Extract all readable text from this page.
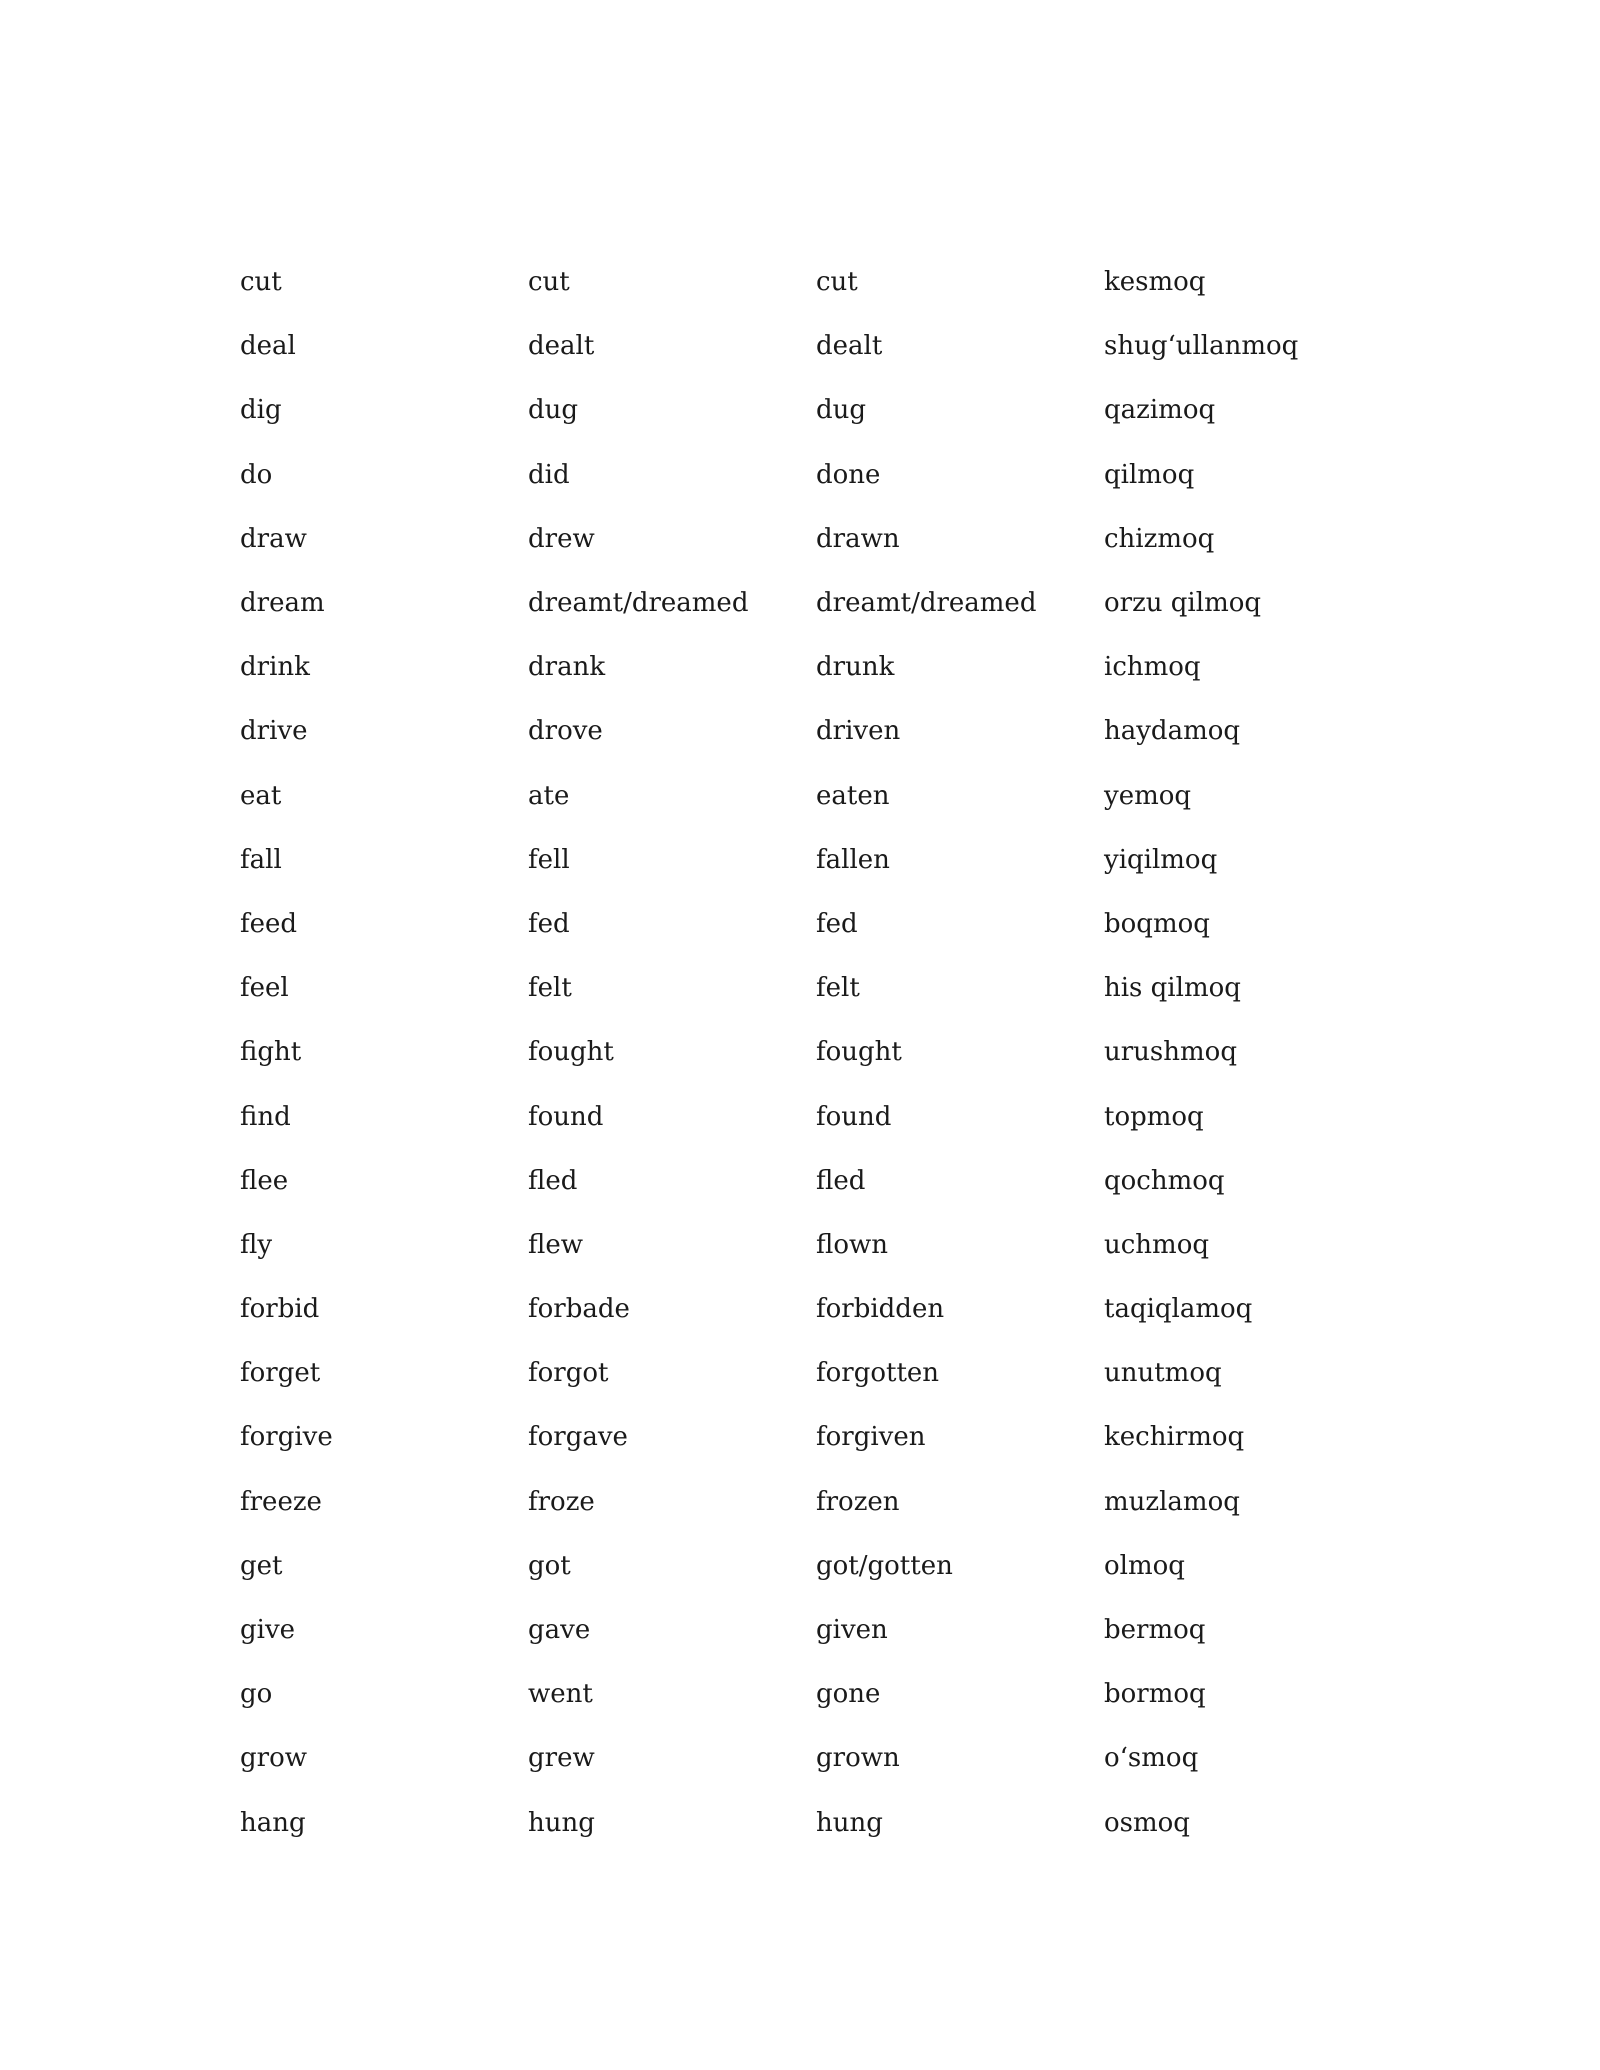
cut	cut	cut	kesmoq
deal	dealt	dealt	shug‘ullanmoq
dig	dug	dug	qazimoq
do	did	done	qilmoq
draw	drew	drawn	chizmoq
dream	dreamt/dreamed	dreamt/dreamed	orzu qilmoq
drink	drank	drunk	ichmoq
drive	drove	driven	haydamoq
eat	ate	eaten	yemoq
fall	fell	fallen	yiqilmoq
feed	fed	fed	boqmoq
feel	felt	felt	his qilmoq
fight	fought	fought	urushmoq
find	found	found	topmoq
flee	fled	fled	qochmoq
fly	flew	flown	uchmoq
forbid	forbade	forbidden	taqiqlamoq
forget	forgot	forgotten	unutmoq
forgive	forgave	forgiven	kechirmoq
freeze	froze	frozen	muzlamoq
get	got	got/gotten	olmoq
give	gave	given	bermoq
go	went	gone	bormoq
grow	grew	grown	o‘smoq
hang	hung	hung	osmoq
